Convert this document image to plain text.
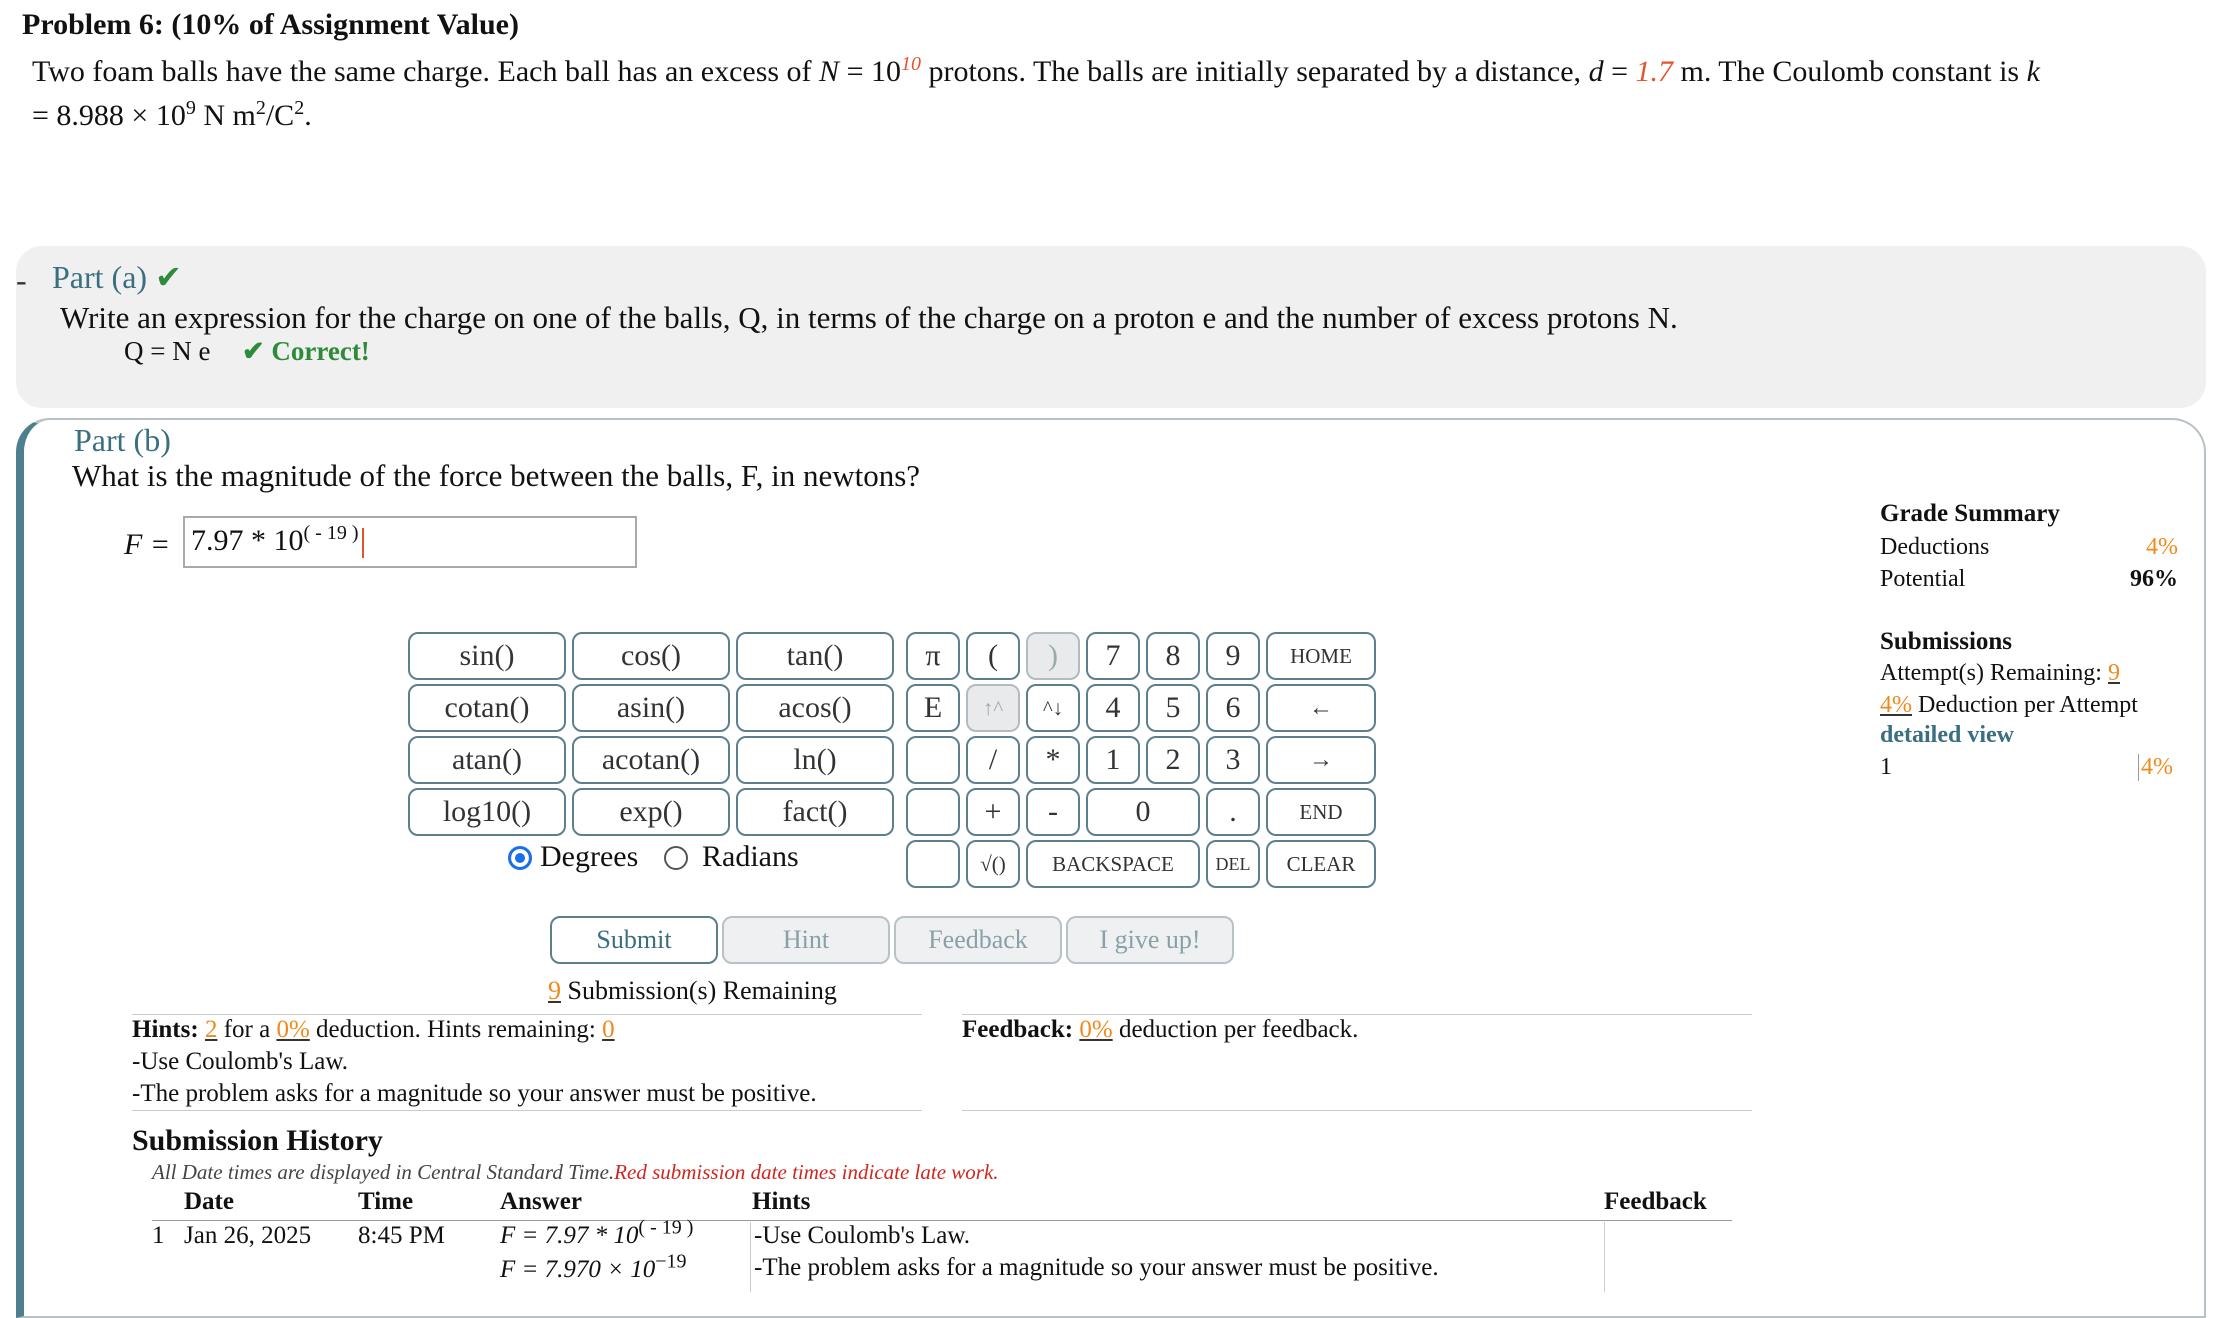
Problem 6: (10% of Assignment Value)
Two foam balls have the same charge. Each ball has an excess of $N = 10^{10}$ protons. The balls are initially separated by a distance, d = 1.7 m. The Coulomb constant is k
= $8.988 \times 10^9$ N $m^2/C^2$.
- Part (a) ✔
Write an expression for the charge on one of the balls, Q, in terms of the charge on a proton e and the number of excess protons N.
Q = N e ✔ Correct!
Part (b)
What is the magnitude of the force between the balls, F, in newtons?
$F = 7.97 * 10^{( - 19 )}$
sin()	cos()	tan()
cotan()	asin()	acos()
atan()	acotan()	ln()
log10()	exp()	fact()
π	(	)
E	↑^	^↓
/	*
+	-
√()
7	8	9
4	5	6
1	2	3
0	.
HOME
←
→
END
CLEAR
BACKSPACE	DEL
Degrees Radians
Submit	Hint	Feedback	I give up!
9 Submission(s) Remaining
Hints: 2 for a 0% deduction. Hints remaining: 0
-Use Coulomb's Law.
-The problem asks for a magnitude so your answer must be positive.
Feedback: 0% deduction per feedback.
Submission History
All Date times are displayed in Central Standard Time.Red submission date times indicate late work.
Date	Time	Answer	Hints	Feedback
1 Jan 26, 2025 8:45 PM $F = 7.97 * 10^{( - 19 )}$
$F = 7.970 \times 10^{-19}$
-Use Coulomb's Law.
-The problem asks for a magnitude so your answer must be positive.
Grade Summary
Deductions	4%
Potential	96%
Submissions
Attempt(s) Remaining: 9
4% Deduction per Attempt
detailed view
1	4%
